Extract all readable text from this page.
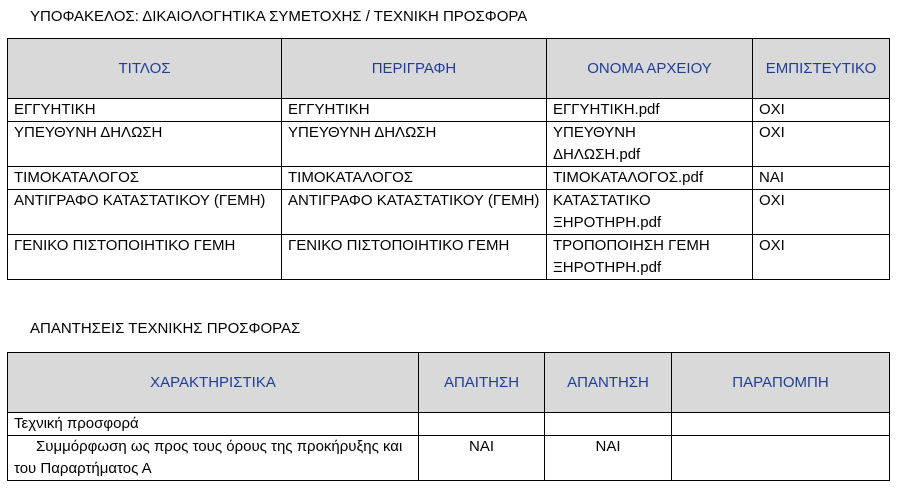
ΥΠΟΦΑΚΕΛΟΣ: ΔΙΚΑΙΟΛΟΓΗΤΙΚΑ ΣΥΜΕΤΟΧΗΣ / ΤΕΧΝΙΚΗ ΠΡΟΣΦΟΡΑ
ΤΙΤΛΟΣ	ΠΕΡΙΓΡΑΦΗ	ΟΝΟΜΑ ΑΡΧΕΙΟΥ	ΕΜΠΙΣΤΕΥΤΙΚΟ
ΕΓΓΥΗΤΙΚΗ	ΕΓΓΥΗΤΙΚΗ	ΕΓΓΥΗΤΙΚΗ.pdf	ΟΧΙ
ΥΠΕΥΘΥΝΗ ΔΗΛΩΣΗ	ΥΠΕΥΘΥΝΗ ΔΗΛΩΣΗ	ΥΠΕΥΘΥΝΗ
ΔΗΛΩΣΗ.pdf	ΟΧΙ
ΤΙΜΟΚΑΤΑΛΟΓΟΣ	ΤΙΜΟΚΑΤΑΛΟΓΟΣ	ΤΙΜΟΚΑΤΑΛΟΓΟΣ.pdf	ΝΑΙ
ΑΝΤΙΓΡΑΦΟ ΚΑΤΑΣΤΑΤΙΚΟΥ (ΓΕΜΗ)	ΑΝΤΙΓΡΑΦΟ ΚΑΤΑΣΤΑΤΙΚΟΥ (ΓΕΜΗ)	ΚΑΤΑΣΤΑΤΙΚΟ
ΞΗΡΟΤΗΡΗ.pdf	ΟΧΙ
ΓΕΝΙΚΟ ΠΙΣΤΟΠΟΙΗΤΙΚΟ ΓΕΜΗ	ΓΕΝΙΚΟ ΠΙΣΤΟΠΟΙΗΤΙΚΟ ΓΕΜΗ	ΤΡΟΠΟΠΟΙΗΣΗ ΓΕΜΗ
ΞΗΡΟΤΗΡΗ.pdf	ΟΧΙ
ΑΠΑΝΤΗΣΕΙΣ ΤΕΧΝΙΚΗΣ ΠΡΟΣΦΟΡΑΣ
ΧΑΡΑΚΤΗΡΙΣΤΙΚΑ	ΑΠΑΙΤΗΣΗ	ΑΠΑΝΤΗΣΗ	ΠΑΡΑΠΟΜΠΗ
Τεχνική προσφορά			
Συμμόρφωση ως προς τους όρους της προκήρυξης και του Παραρτήματος Α	ΝΑΙ	ΝΑΙ	
